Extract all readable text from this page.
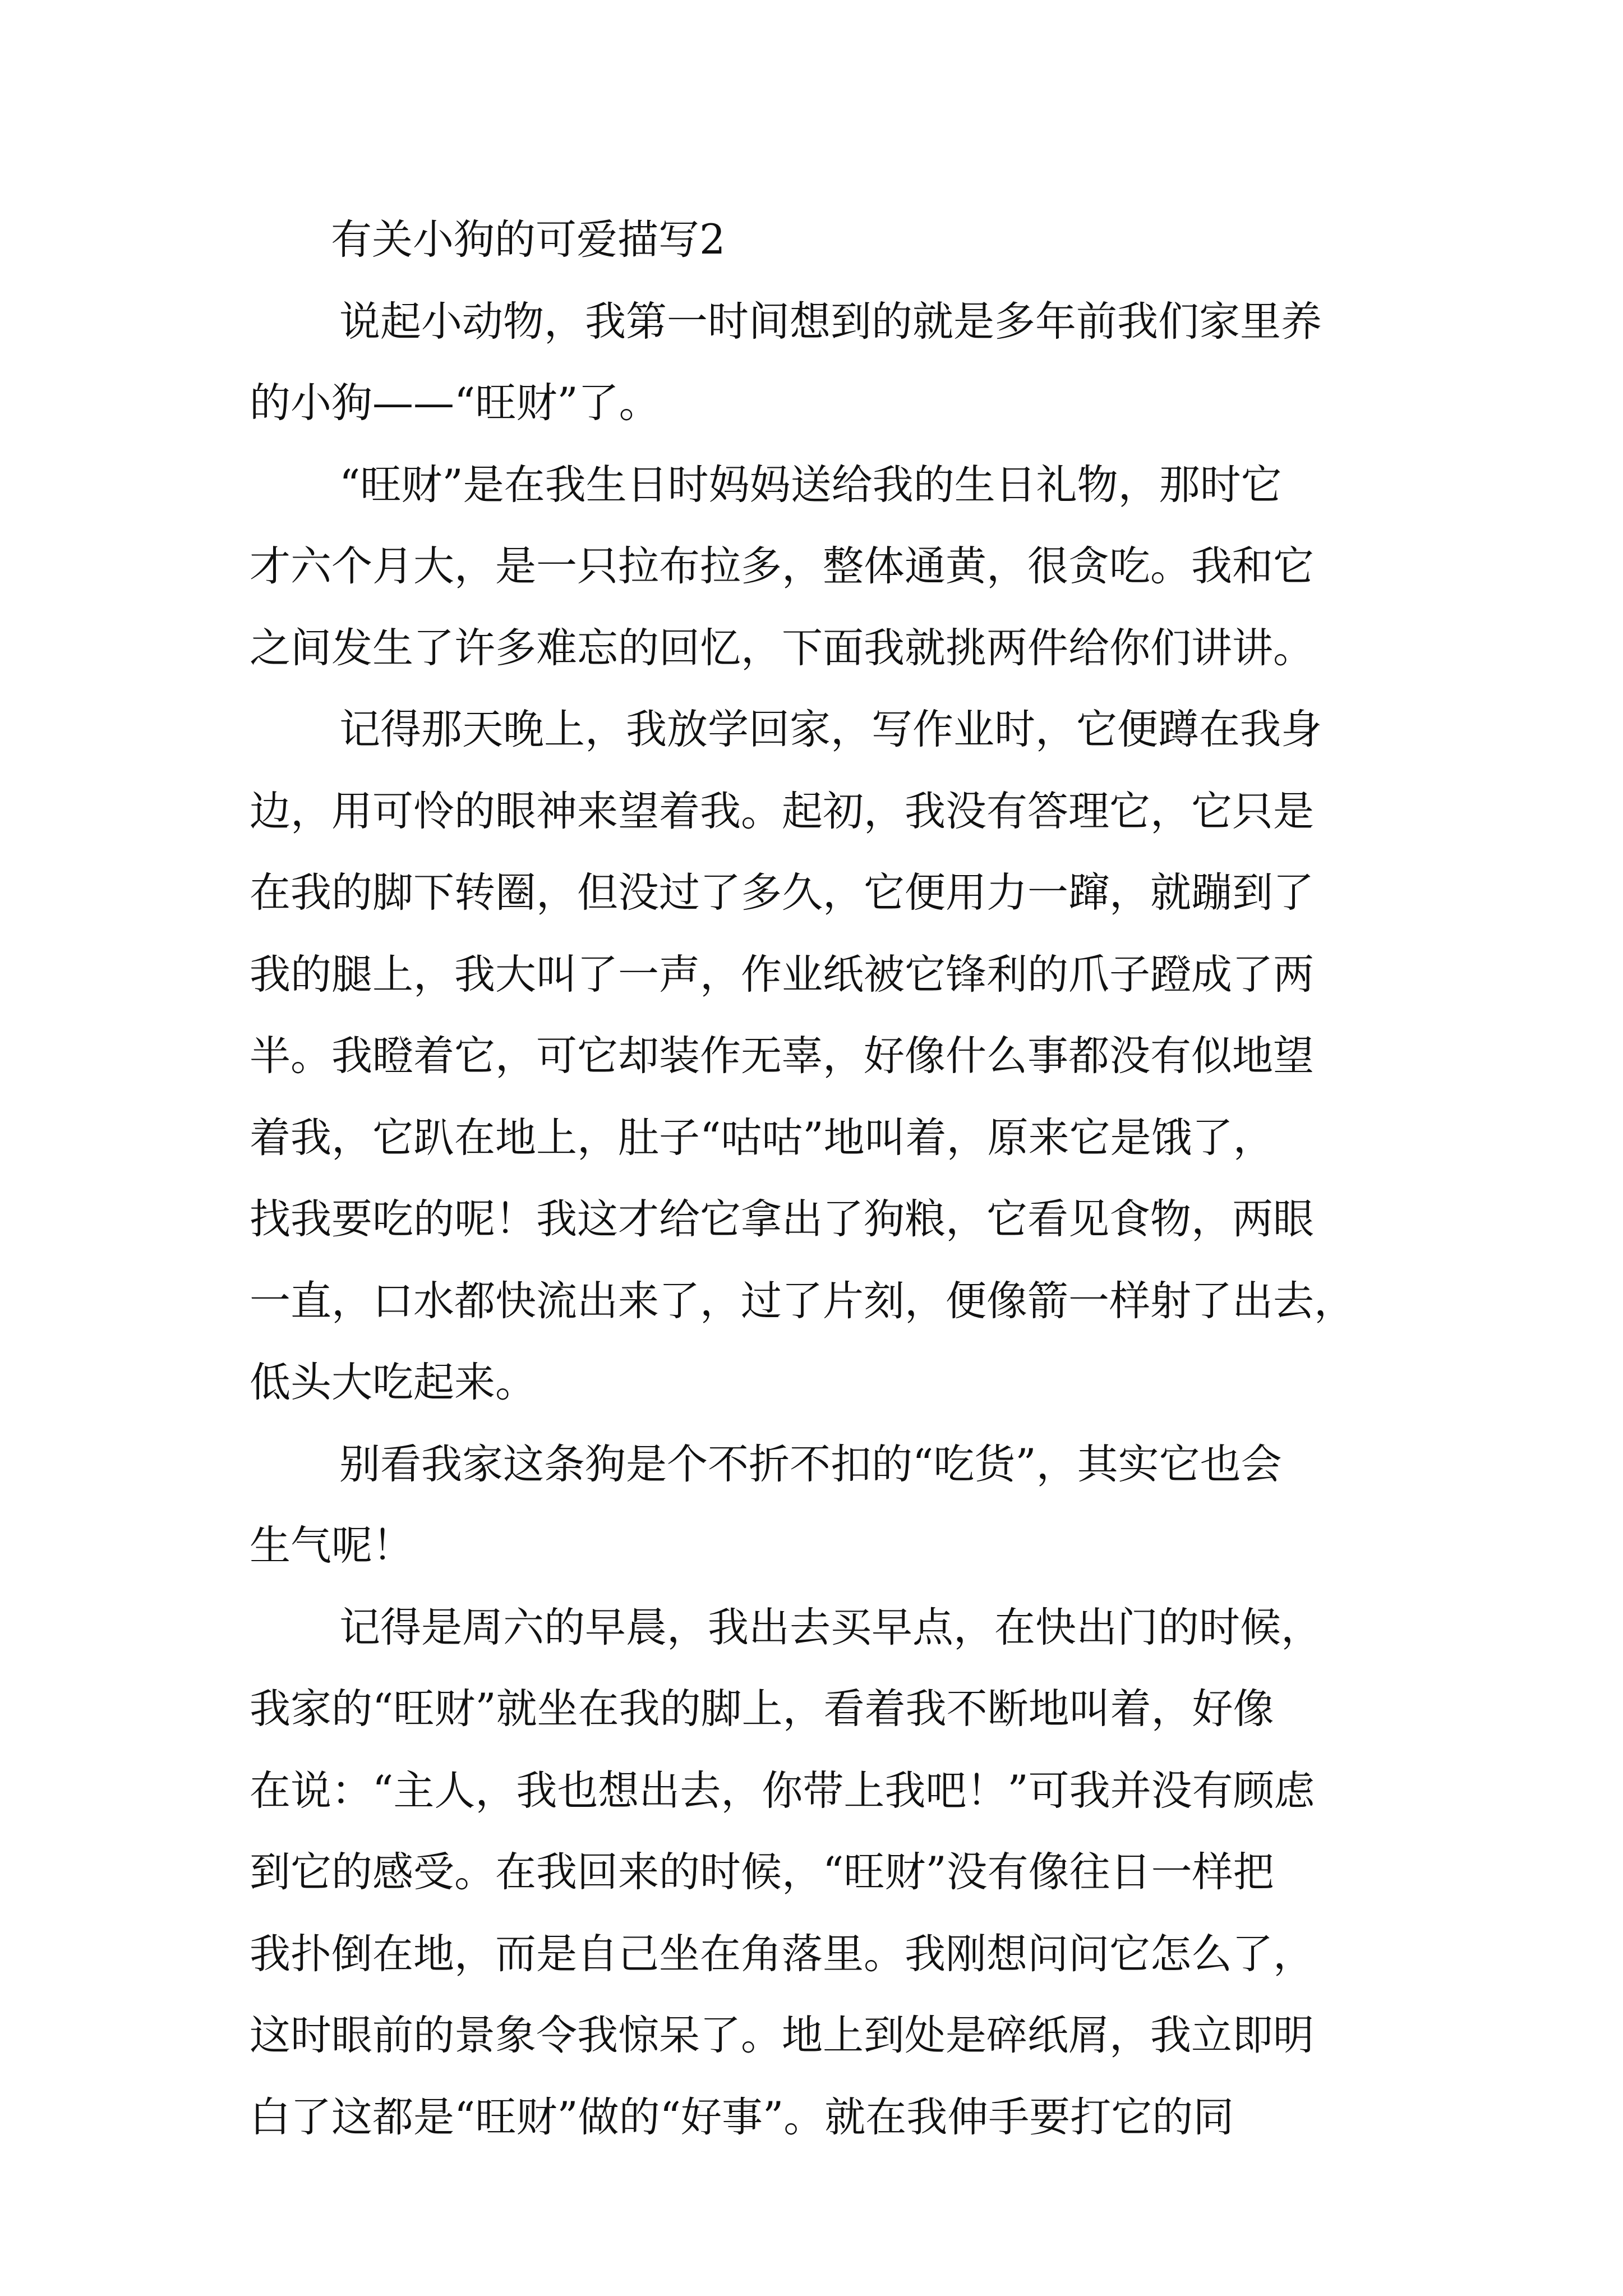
有关小狗的可爱描写2
说起小动物，我第一时间想到的就是多年前我们家里养
的小狗——“旺财”了。
“旺财”是在我生日时妈妈送给我的生日礼物，那时它
才六个月大，是一只拉布拉多，整体通黄，很贪吃。我和它
之间发生了许多难忘的回忆，下面我就挑两件给你们讲讲。
记得那天晚上，我放学回家，写作业时，它便蹲在我身
边，用可怜的眼神来望着我。起初，我没有答理它，它只是
在我的脚下转圈，但没过了多久，它便用力一蹿，就蹦到了
我的腿上，我大叫了一声，作业纸被它锋利的爪子蹬成了两
半。我瞪着它，可它却装作无辜，好像什么事都没有似地望
着我，它趴在地上，肚子“咕咕”地叫着，原来它是饿了，
找我要吃的呢！我这才给它拿出了狗粮，它看见食物，两眼
一直，口水都快流出来了，过了片刻，便像箭一样射了出去，
低头大吃起来。
别看我家这条狗是个不折不扣的“吃货”，其实它也会
生气呢！
记得是周六的早晨，我出去买早点，在快出门的时候，
我家的“旺财”就坐在我的脚上，看着我不断地叫着，好像
在说：“主人，我也想出去，你带上我吧！”可我并没有顾虑
到它的感受。在我回来的时候，“旺财”没有像往日一样把
我扑倒在地，而是自己坐在角落里。我刚想问问它怎么了，
这时眼前的景象令我惊呆了。地上到处是碎纸屑，我立即明
白了这都是“旺财”做的“好事”。就在我伸手要打它的同
